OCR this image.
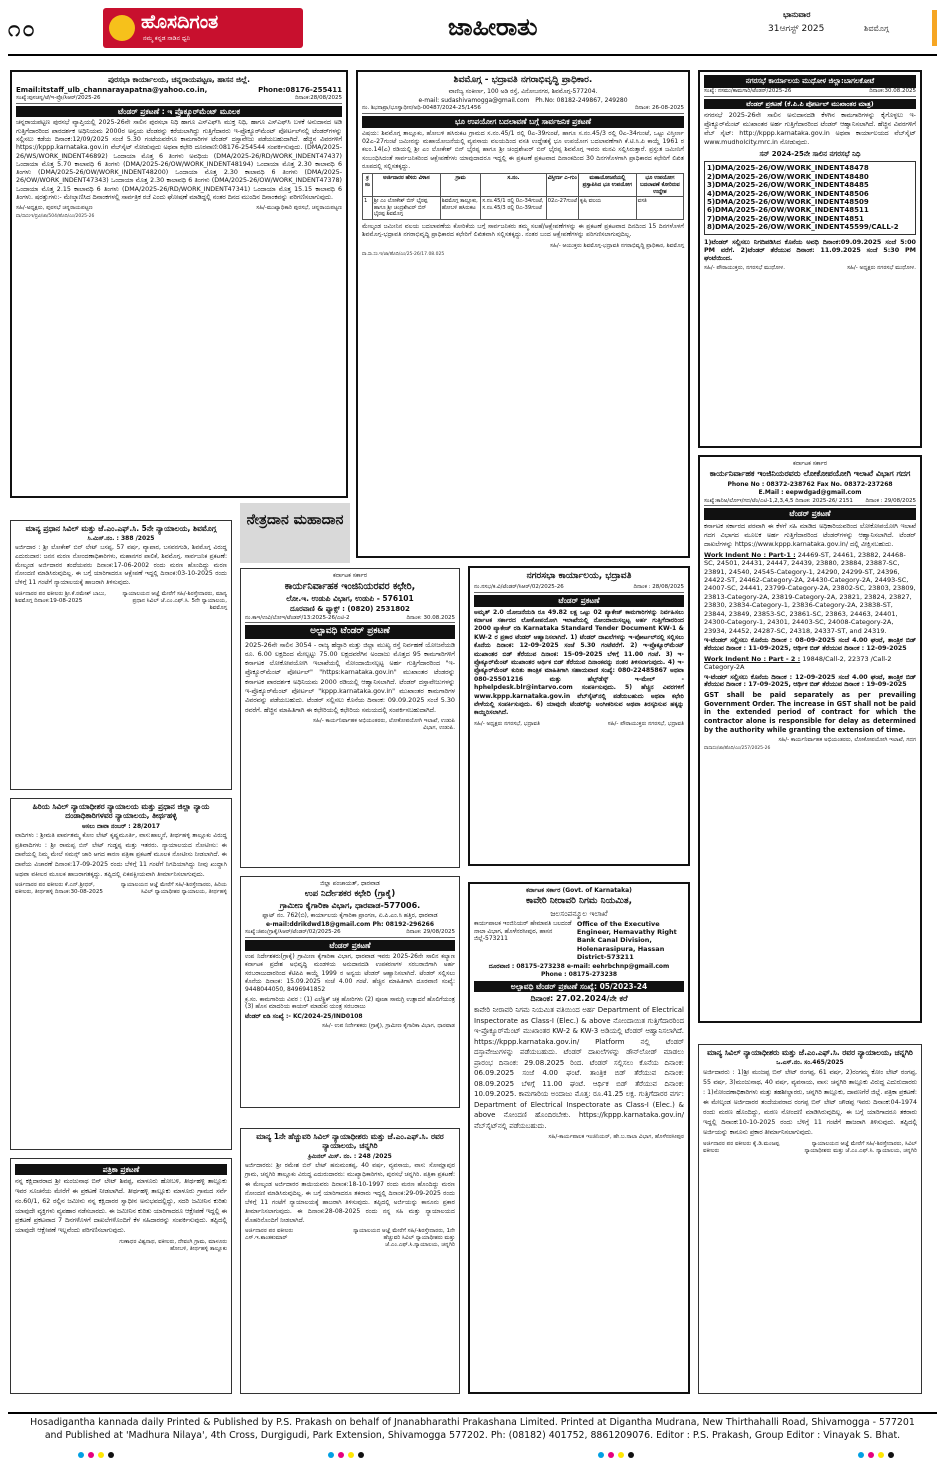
೧೦	ಹೊಸದಿಗಂತ
ನಮ್ಮ ಕನ್ನಡ ನಾಡಿನ ಧ್ವನಿ	ಜಾಹೀರಾತು	ಭಾನುವಾರ
31ಆಗಸ್ಟ್ 2025	ಶಿವಮೊಗ್ಗ
ಪುರಸಭಾ ಕಾರ್ಯಾಲಯ, ಚನ್ನರಾಯಪಟ್ಟಣ, ಹಾಸನ ಜಿಲ್ಲೆ.
Email:itstaff_ulb_channarayapatna@yahoo.co.in,	Phone:08176-255411
ಸಂಖ್ಯೆ:ಪುಸಚನ್ನ/ಟೆ/ಇ-ಪ್ರೊ/ಸಿಆರ್/2025-26	ದಿನಾಂಕ:28/08/2025
ಟೆಂಡರ್ ಪ್ರಕಟಣೆ : ಇ ಪ್ರೊಕ್ಯೂರ್‌ಮೆಂಟ್ ಮೂಲಕ

ಚನ್ನರಾಯಪಟ್ಟಣ ಪುರಸಭೆ ವ್ಯಾಪ್ತಿಯಲ್ಲಿ 2025-26ನೇ ಸಾಲಿನ ಪುರಸಭಾ ನಿಧಿ ಹಾಗೂ ಎಸ್‌ಎಫ್‌ಸಿ ಮುಕ್ತ ನಿಧಿ, ಹಾಗೂ ಎಸ್‌ಎಫ್‌ಸಿ ಬಳಕೆ ಅನುದಾನದ ಅಡಿ ಗುತ್ತಿಗೆದಾರರಿಂದ ಪಾರದರ್ಶಕ ಅಧಿನಿಯಮ 2000ರ ಅನ್ವಯ ಟೆಂಡರನ್ನು ಕರೆಯಲಾಗಿದ್ದು ಗುತ್ತಿಗೆದಾರರು ಇ-ಪ್ರೊಕ್ಯೂರ್‌ಮೆಂಟ್ ಪೋರ್ಟಲ್‌ನಲ್ಲಿ ಟೆಂಡರ್‌ಗಳನ್ನು ಸಲ್ಲಿಸಲು ಕಡೆಯ ದಿನಾಂಕ:12/09/2025 ಸಂಜೆ 5.30 ಗಂಟೆಯವರೆಗೂ ಕಾಮಗಾರಿಗಳ ಟೆಂಡರ್ ದಸ್ತಾವೇಜು ಪಡೆಯಬಹುದಾಗಿದೆ. ಹೆಚ್ಚಿನ ವಿವರಗಳಿಗೆ https://kppp.karnataka.gov.in ವೆಬ್‌ಸೈಟ್ ನೋಡುವುದು ಅಥವಾ ಕಛೇರಿ ದೂರವಾಣಿ:08176-254544 ಸಂಪರ್ಕಿಸುವುದು. (DMA/2025-26/WS/WORK_INDENT46892) ಒಂದಾಯಾ ಮೊತ್ತ 6 ತಿಂಗಳು ಅವಧಿಯ (DMA/2025-26/RD/WORK_INDENT47437) ಒಂದಾಯಾ ಮೊತ್ತ 5.70 ಕಾಲಾವಧಿ 6 ತಿಂಗಳು (DMA/2025-26/OW/WORK_INDENT48194) ಒಂದಾಯಾ ಮೊತ್ತ 2.30 ಕಾಲಾವಧಿ 6 ತಿಂಗಳು (DMA/2025-26/OW/WORK_INDENT48200) ಒಂದಾಯಾ ಮೊತ್ತ 2.30 ಕಾಲಾವಧಿ 6 ತಿಂಗಳು (DMA/2025-26/OW/WORK_INDENT47343) ಒಂದಾಯಾ ಮೊತ್ತ 2.30 ಕಾಲಾವಧಿ 6 ತಿಂಗಳು (DMA/2025-26/OW/WORK_INDENT47378) ಒಂದಾಯಾ ಮೊತ್ತ 2.15 ಕಾಲಾವಧಿ 6 ತಿಂಗಳು (DMA/2025-26/RD/WORK_INDENT47341) ಒಂದಾಯಾ ಮೊತ್ತ 15.15 ಕಾಲಾವಧಿ 6 ತಿಂಗಳು. ಷರತ್ತುಗಳು:- ಮೇಲ್ಕಾಣಿಸಿದ ದಿನಾಂಕಗಳಲ್ಲಿ ಸಾರ್ವತ್ರಿಕ ರಜೆ ಎಂದು ಘೋಷಣೆ ಮಾಡಿದ್ದಲ್ಲಿ ನಂತರ ದಿನದ ಮುಂದಿನ ದಿನಾಂಕವನ್ನು ಪರಿಗಣಿಸಲಾಗುವುದು.

ಸಹಿ/-ಅಧ್ಯಕ್ಷರು, ಪುರಸಭೆ ಚನ್ನರಾಯಪಟ್ಟಣ	ಸಹಿ/-ಮುಖ್ಯಾಧಿಕಾರಿ ಪುರಸಭೆ, ಚನ್ನರಾಯಪಟ್ಟಣ
ವಾ/ಸಾಸಂಇ/ಪ್ರವಿ/ಜಾ/504/ಹೊದಿ/ಎಂ/2025-26
ಶಿವಮೊಗ್ಗ - ಭದ್ರಾವತಿ ನಗರಾಭಿವೃದ್ಧಿ ಪ್ರಾಧಿಕಾರ.
ವಾಣಿಜ್ಯ ಸಂಕೀರ್ಣ, 100 ಅಡಿ ರಸ್ತೆ, ವಿನೋಬನಗರ, ಶಿವಮೊಗ್ಗ-577204.
e-mail: sudashivamogga@gmail.com Ph.No: 08182-249867, 249280
ನಂ. ಶಿಭನಾಪ್ರಾ/ಭೂಸ್ವಾಧೀನ/ಅಧಿ-00487/2024-25/1456	ದಿನಾಂಕ: 26-08-2025
ಭೂ ಉಪಯೋಗ ಬದಲಾವಣೆ ಬಗ್ಗೆ ಸಾರ್ವಜನಿಕ ಪ್ರಕಟಣೆ

ವಿಷಯ: ಶಿವಮೊಗ್ಗ ತಾಲ್ಲೂಕು, ಹೋಬಳಿ ಹಸಿರುಕಟ ಗ್ರಾಮದ ಸ.ನಂ.45/1 ರಲ್ಲಿ 0ಎ-39ಗುಂಟೆ, ಹಾಗೂ ಸ.ನಂ.45/3 ರಲ್ಲಿ 0ಎ-34ಗುಂಟೆ, ಒಟ್ಟು ವಿಸ್ತೀರ್ಣ 02ಎ-27ಗುಂಟೆ ಜಮೀನನ್ನು ಮಹಾಯೋಜನೆಯಲ್ಲಿ ವ್ಯವಸಾಯ ವಲಯದಿಂದ ವಸತಿ ಉದ್ದೇಶಕ್ಕೆ ಭೂ ಉಪಯೋಗ ಬದಲಾವಣೆಗಾಗಿ ಕೆ.ಟಿ.ಸಿ.ಪಿ ಕಾಯ್ದೆ 1961 ರ ಕಲಂ.14(ಎ) ರಡಿಯಲ್ಲಿ ಶ್ರೀ ಎಂ ಲೋಕೇಶ್ ಬಿನ್ ಭೈರಪ್ಪ ಹಾಗೂ ಶ್ರೀ ಚಂದ್ರಶೇಖರ್ ಬಿನ್ ಭೈರಪ್ಪ ಶಿವಮೊಗ್ಗ ಇವರು ಮನವಿ ಸಲ್ಲಿಸಿರುತ್ತಾರೆ. ಪ್ರಸ್ತುತ ಜಮೀನಿಗೆ ಸಂಬಂಧಿಸಿದಂತೆ ಸಾರ್ವಜನಿಕರಿಂದ ಆಕ್ಷೇಪಣೆಗಳು ಯಾವುದಾದರೂ ಇದ್ದಲ್ಲಿ ಈ ಪ್ರಕಟಣೆ ಪ್ರಕಟವಾದ ದಿನಾಂಕದಿಂದ 30 ದಿನಗಳೊಳಗಾಗಿ ಪ್ರಾಧಿಕಾರದ ಕಛೇರಿಗೆ ಲಿಖಿತ ರೂಪದಲ್ಲಿ ಸಲ್ಲಿಸತಕ್ಕದ್ದು.

ಕ್ರ ಸಂ	ಅರ್ಜಿದಾರರ ಹೆಸರು ವಿಳಾಸ	ಗ್ರಾಮ	ಸ.ನಂ.	ವಿಸ್ತೀರ್ಣ ಎ-ಗುಂ	ಮಹಾಯೋಜನೆಯಲ್ಲಿ ಪ್ರಸ್ತಾಪಿಸಿದ ಭೂ ಉಪಯೋಗ	ಭೂ ಉಪಯೋಗ ಬದಲಾವಣೆ ಕೋರಿರುವ ಉದ್ದೇಶ
1	ಶ್ರೀ ಎಂ ಲೋಕೇಶ್ ಬಿನ್ ಭೈರಪ್ಪ ಹಾಗೂ ಶ್ರೀ ಚಂದ್ರಶೇಖರ್ ಬಿನ್ ಭೈರಪ್ಪ ಶಿವಮೊಗ್ಗ	ಶಿವಮೊಗ್ಗ ತಾಲ್ಲೂಕು, ಹೋಬಳಿ ಹಸಿರುಕಟ	ಸ.ನಂ.45/1 ರಲ್ಲಿ 0ಎ-34ಗುಂಟೆ, ಸ.ನಂ.45/3 ರಲ್ಲಿ 0ಎ-39ಗುಂಟೆ	02ಎ-27ಗುಂಟೆ	ಕೃಷಿ ವಲಯ	ವಸತಿ

ಮೇಲ್ಕಂಡ ಜಮೀನಿನ ವಲಯ ಬದಲಾವಣೆಯ ಕೋರಿಕೆಯ ಬಗ್ಗೆ ಸಾರ್ವಜನಿಕರು ತಮ್ಮ ಸಲಹೆ/ಆಕ್ಷೇಪಣೆಗಳನ್ನು ಈ ಪ್ರಕಟಣೆ ಪ್ರಕಟವಾದ ದಿನದಿಂದ 15 ದಿನಗಳೊಳಗೆ ಶಿವಮೊಗ್ಗ-ಭದ್ರಾವತಿ ನಗರಾಭಿವೃದ್ಧಿ ಪ್ರಾಧಿಕಾರದ ಕಛೇರಿಗೆ ಲಿಖಿತವಾಗಿ ಸಲ್ಲಿಸತಕ್ಕದ್ದು. ನಂತರ ಬಂದ ಆಕ್ಷೇಪಣೆಗಳನ್ನು ಪರಿಗಣಿಸಲಾಗುವುದಿಲ್ಲ.

ಸಹಿ/- ಆಯುಕ್ತರು ಶಿವಮೊಗ್ಗ-ಭದ್ರಾವತಿ ನಗರಾಭಿವೃದ್ಧಿ ಪ್ರಾಧಿಕಾರ, ಶಿವಮೊಗ್ಗ
ವಾ.ಸಾ.ಸಂ.ಇ/ಜಾ/ಹೊದಿ/ಎಂ/25-26/17.08.025
ನಗರಸಭೆ ಕಾರ್ಯಾಲಯ ಮುಧೋಳ ಜಿಲ್ಲಾ:ಬಾಗಲಕೋಟೆ
ಸಂಖ್ಯೆ: ನಸಮು/ಕಾಮಗಾರಿ/ಟೆಂಡರ್/2025-26	ದಿನಾಂಕ:30.08.2025
ಟೆಂಡರ್ ಪ್ರಕಟಣೆ (ಕೆ.ಪಿ.ಪಿ ಪೋರ್ಟಲ್ ಮುಖಾಂತರ ಮಾತ್ರ)

ನಗರಸಭೆ 2025-26ನೇ ಸಾಲಿನ ಅನುದಾನದಡಿ ಕೆಳಗಿನ ಕಾಮಗಾರಿಗಳನ್ನು ಕೈಗೊಳ್ಳಲು ಇ-ಪ್ರೊಕ್ಯೂರ್‌ಮೆಂಟ್ ಮುಖಾಂತರ ಅರ್ಹ ಗುತ್ತಿಗೆದಾರರಿಂದ ಟೆಂಡರ್ ಆಹ್ವಾನಿಸಲಾಗಿದೆ. ಹೆಚ್ಚಿನ ವಿವರಗಳಿಗೆ ವೆಬ್ ಸೈಟ್: http://kppp.karnataka.gov.in ಅಥವಾ ಕಾರ್ಯಾಲಯದ ವೆಬ್‌ಸೈಟ್ www.mudholcity.mrc.in ನೋಡುವುದು.

ಸನ್ 2024-25ನೇ ಸಾಲಿನ ನಗರಸಭೆ ನಿಧಿ
1)DMA/2025-26/OW/WORK_INDENT48478
2)DMA/2025-26/OW/WORK_INDENT48480
3)DMA/2025-26/OW/WORK_INDENT48485
4)DMA/2025-26/OW/WORK_INDENT48506
5)DMA/2025-26/OW/WORK_INDENT48509
6)DMA/2025-26/OW/WORK_INDENT48511
7)DMA/2025-26/OW/WORK_INDENT4851
8)DMA/2025-26/OW/WORK_INDENT45599/CALL-2

1)ಟೆಂಡರ್ ಸಲ್ಲಿಸಲು ನಿಗದಿಪಡಿಸಿದ ಕೊನೆಯ ಅವಧಿ ದಿನಾಂಕ:09.09.2025 ಸಂಜೆ 5:00 PM ವರೆಗೆ. 2)ಟೆಂಡರ್ ತೆರೆಯುವ ದಿನಾಂಕ: 11.09.2025 ಸಂಜೆ 5:30 PM ಘಂಟೆಯಿಂದ.

ಸಹಿ/- ಪೌರಾಯುಕ್ತರು, ನಗರಸಭೆ ಮುಧೋಳ.	ಸಹಿ/- ಅಧ್ಯಕ್ಷರು ನಗರಸಭೆ ಮುಧೋಳ.
ಕರ್ನಾಟಕ ಸರ್ಕಾರ
ಕಾರ್ಯನಿರ್ವಾಹಕ ಇಂಜಿನಿಯರವರು ಲೋಕೋಪಯೋಗಿ ಇಲಾಖೆ ವಿಭಾಗ ಗದಗ
Phone No : 08372-238762 Fax No. 08372-237268
E.Mail : eepwdgad@gmail.com
ಸಂಖ್ಯೆ:ಕಾನಿಅ/ಲೋಇ/ಗದ/ಟೆಂ/ಎಟಿ-1,2,3,4,5 ದಿನಾಂಕ: 2025-26/ 2151 ದಿನಾಂಕ : 29/08/2025
ಟೆಂಡರ್ ಪ್ರಕಟಣೆ

ಕರ್ನಾಟಕ ಸರ್ಕಾರದ ಪರವಾಗಿ ಈ ಕೆಳಗೆ ಸಹಿ ಮಾಡಿದ ಅಧಿಕಾರಿಯವರಿಂದ ಲೋಕೋಪಯೋಗಿ ಇಲಾಖೆ ಗದಗ ವಿಭಾಗದ ಮೂಲಕ ಅರ್ಹ ಗುತ್ತಿಗೆದಾರರಿಂದ ಟೆಂಡರ್‌ಗಳನ್ನು ಆಹ್ವಾನಿಸಲಾಗಿದೆ. ಟೆಂಡರ್ ದಾಖಲೆಗಳನ್ನು https://www.kppp.karnataka.gov.in/ ದಲ್ಲಿ ವೀಕ್ಷಿಸಬಹುದು.

Work Indent No : Part-1 : 24469-ST, 24461, 23882, 24468-SC, 24501, 24431, 24447, 24439, 23880, 23884, 23887-SC, 23891, 24540, 24545-Category-1, 24290, 24299-ST, 24396, 24422-ST, 24462-Category-2A, 24430-Category-2A, 24493-SC, 24007-SC, 24441, 23799-Category-2A, 23802-SC, 23803, 23809, 23813-Category-2A, 23819-Category-2A, 23821, 23824, 23827, 23830, 23834-Category-1, 23836-Category-2A, 23838-ST, 23844, 23849, 23853-SC, 23861-SC, 23863, 24463, 24401, 24300-Category-1, 24301, 24403-SC, 24008-Category-2A, 23934, 24452, 24287-SC, 24318, 24337-ST, and 24319.

ಇ-ಟೆಂಡರ್ ಸಲ್ಲಿಸಲು ಕೊನೆಯ ದಿನಾಂಕ : 08-09-2025 ಸಂಜೆ 4.00 ಘಂಟೆ, ತಾಂತ್ರಿಕ ಬಿಡ್ ತೆರೆಯುವ ದಿನಾಂಕ : 11-09-2025, ಆರ್ಥಿಕ ಬಿಡ್ ತೆರೆಯುವ ದಿನಾಂಕ : 12-09-2025

Work Indent No : Part - 2 : 19848/Call-2, 22373 /Call-2 Category-2A

ಇ-ಟೆಂಡರ್ ಸಲ್ಲಿಸಲು ಕೊನೆಯ ದಿನಾಂಕ : 12-09-2025 ಸಂಜೆ 4.00 ಘಂಟೆ, ತಾಂತ್ರಿಕ ಬಿಡ್ ತೆರೆಯುವ ದಿನಾಂಕ : 17-09-2025, ಆರ್ಥಿಕ ಬಿಡ್ ತೆರೆಯುವ ದಿನಾಂಕ : 19-09-2025

GST shall be paid separately as per prevailing Government Order. The increase in GST shall not be paid in the extended period of contract for which the contractor alone is responsible for delay as determined by the authority while granting the extension of time.
ಸಹಿ/- ಕಾರ್ಯನಿರ್ವಾಹಕ ಅಭಿಯಂತರರು, ಲೋಕೋಪಯೋಗಿ ಇಲಾಖೆ, ಗದಗ
ವಾಸಾಸಂ/ಜಾ/ಹೊದಿ/ಎಂ/257/2025-26
ಮಾನ್ಯ ಪ್ರಧಾನ ಸಿವಿಲ್ ಮತ್ತು ಜೆ.ಎಂ.ಎಫ್.ಸಿ. 5ನೇ ನ್ಯಾಯಾಲಯ, ಶಿವಮೊಗ್ಗ
ಸಿ.ಮಿಸ್.ನಂ. : 388 /2025

ಅರ್ಜಿದಾರ : ಶ್ರೀ ಲೋಕೇಶ್ ಬಿನ್ ಲೇಟ್ ಬಸಪ್ಪ, 57 ವರ್ಷ, ವ್ಯಾಪಾರ, ಬಸವನಗುಡಿ, ಶಿವಮೊಗ್ಗ ವಿರುದ್ಧ ಎದುರುದಾರ: ಜನನ ಮರಣ ನೋಂದಣಾಧಿಕಾರಿಗಳು, ಮಹಾನಗರ ಪಾಲಿಕೆ, ಶಿವಮೊಗ್ಗ. ಸಾರ್ವಜನಿಕ ಪ್ರಕಟಣೆ: ಮೇಲ್ಕಂಡ ಅರ್ಜಿದಾರರ ತಂದೆಯವರು ದಿನಾಂಕ:17-06-2002 ರಂದು ಮರಣ ಹೊಂದಿದ್ದು ಮರಣ ನೋಂದಣಿ ಮಾಡಿಸಿರುವುದಿಲ್ಲ. ಈ ಬಗ್ಗೆ ಯಾರಿಗಾದರೂ ಆಕ್ಷೇಪಣೆ ಇದ್ದಲ್ಲಿ ದಿನಾಂಕ:03-10-2025 ರಂದು ಬೆಳಿಗ್ಗೆ 11 ಗಂಟೆಗೆ ನ್ಯಾಯಾಲಯಕ್ಕೆ ಹಾಜರಾಗಿ ತಿಳಿಸುವುದು.

ಅರ್ಜಿದಾರರ ಪರ ವಕೀಲರು ಶ್ರೀ.ಕೆ.ರಮೇಶ್ ಬಾಬು, ಶಿವಮೊಗ್ಗ ದಿನಾಂಕ:19-08-2025
ನ್ಯಾಯಾಲಯದ ಆಜ್ಞೆ ಮೇರೆಗೆ ಸಹಿ/-ಶಿರಸ್ತೇದಾರರು, ಮಾನ್ಯ ಪ್ರಧಾನ ಸಿವಿಲ್ ಜೆ.ಎಂ.ಎಫ್.ಸಿ. 5ನೇ ನ್ಯಾಯಾಲಯ, ಶಿವಮೊಗ್ಗ
ಹಿರಿಯ ಸಿವಿಲ್ ನ್ಯಾಯಾಧೀಶರ ನ್ಯಾಯಾಲಯ ಮತ್ತು ಪ್ರಧಾನ ಜಿಲ್ಲಾ ನ್ಯಾಯ ದಂಡಾಧಿಕಾರಿಗಳವರ ನ್ಯಾಯಾಲಯ, ತೀರ್ಥಹಳ್ಳಿ
ಅಸಲು ದಾವಾ ನಂಬರ್ : 28/2017

ವಾದಿಗಳು : ಶ್ರೀಮತಿ ಪಾರ್ವತಮ್ಮ ಕೋಂ ಲೇಟ್ ಕೃಷ್ಣಮೂರ್ತಿ, ವಾಸ:ಹಾಲ್ಮನೆ, ತೀರ್ಥಹಳ್ಳಿ ತಾಲ್ಲೂಕು ವಿರುದ್ಧ ಪ್ರತಿವಾದಿಗಳು : ಶ್ರೀ ರಾಮಪ್ಪ ಬಿನ್ ಲೇಟ್ ಗುಡ್ಡಪ್ಪ ಮತ್ತು ಇತರರು. ನ್ಯಾಯಾಲಯದ ನೋಟೀಸು: ಈ ದಾವೆಯಲ್ಲಿ ನಿಮ್ಮ ಮೇಲೆ ಸಮನ್ಸ್ ಜಾರಿ ಆಗದ ಕಾರಣ ಪತ್ರಿಕಾ ಪ್ರಕಟಣೆ ಮೂಲಕ ನೋಟೀಸು ನೀಡಲಾಗಿದೆ. ಈ ದಾವೆಯ ವಿಚಾರಣೆ ದಿನಾಂಕ:17-09-2025 ರಂದು ಬೆಳಿಗ್ಗೆ 11 ಗಂಟೆಗೆ ನಿಗದಿಯಾಗಿದ್ದು ನೀವು ಖುದ್ದಾಗಿ ಅಥವಾ ವಕೀಲರ ಮೂಲಕ ಹಾಜರಾಗತಕ್ಕದ್ದು. ತಪ್ಪಿದಲ್ಲಿ ಏಕಪಕ್ಷೀಯವಾಗಿ ತೀರ್ಮಾನಿಸಲಾಗುವುದು.

ಅರ್ಜಿದಾರರ ಪರ ವಕೀಲರು ಕೆ.ಎನ್.ಶ್ರೀಧರ್, ವಕೀಲರು, ತೀರ್ಥಹಳ್ಳಿ ದಿನಾಂಕ:30-08-2025
ನ್ಯಾಯಾಲಯದ ಆಜ್ಞೆ ಮೇರೆಗೆ ಸಹಿ/-ಶಿರಸ್ತೇದಾರರು, ಹಿರಿಯ ಸಿವಿಲ್ ನ್ಯಾಯಾಧೀಶರ ನ್ಯಾಯಾಲಯ, ತೀರ್ಥಹಳ್ಳಿ
ಪತ್ರಿಕಾ ಪ್ರಕಟಣೆ

ನನ್ನ ಕಕ್ಷಿದಾರರಾದ ಶ್ರೀ ಮಂಜುನಾಥ ಬಿನ್ ಲೇಟ್ ಶಿವಪ್ಪ, ಮಾಳೂರು ಹೋಬಳಿ, ತೀರ್ಥಹಳ್ಳಿ ತಾಲ್ಲೂಕು ಇವರ ಸೂಚನೆಯ ಮೇರೆಗೆ ಈ ಪ್ರಕಟಣೆ ನೀಡಲಾಗಿದೆ. ತೀರ್ಥಹಳ್ಳಿ ತಾಲ್ಲೂಕು ಮಾಳೂರು ಗ್ರಾಮದ ಸರ್ವೆ ನಂ.60/1, 62 ರಲ್ಲಿನ ಜಮೀನು ನನ್ನ ಕಕ್ಷಿದಾರರ ಸ್ವಾಧೀನ ಅನುಭವದಲ್ಲಿದ್ದು, ಸದರಿ ಜಮೀನಿನ ಕುರಿತು ಯಾವುದೇ ವ್ಯಕ್ತಿಗಳು ವ್ಯವಹಾರ ನಡೆಸಬಾರದು. ಈ ಜಮೀನಿನ ಕುರಿತು ಯಾರಿಗಾದರೂ ಆಕ್ಷೇಪಣೆ ಇದ್ದಲ್ಲಿ ಈ ಪ್ರಕಟಣೆ ಪ್ರಕಟವಾದ 7 ದಿನಗಳೊಳಗೆ ದಾಖಲೆಗಳೊಂದಿಗೆ ಕೆಳ ಸಹಿದಾರರನ್ನು ಸಂಪರ್ಕಿಸುವುದು. ತಪ್ಪಿದಲ್ಲಿ ಯಾವುದೇ ಆಕ್ಷೇಪಣೆ ಇಲ್ಲವೆಂದು ಪರಿಗಣಿಸಲಾಗುವುದು.

ಗುಣಾಧರ ವಿಶ್ವನಾಥ, ವಕೀಲರು, ದೇವಂಗಿ ಗ್ರಾಮ, ಮಾಳೂರು ಹೋಬಳಿ, ತೀರ್ಥಹಳ್ಳಿ ತಾಲ್ಲೂಕು
ನೇತ್ರದಾನ ಮಹಾದಾನ
ಕರ್ನಾಟಕ ಸರ್ಕಾರ
ಕಾರ್ಯನಿರ್ವಾಹಕ ಇಂಜಿನಿಯರವರ ಕಛೇರಿ,
ಲೋ.ಇ. ಉಡುಪಿ ವಿಭಾಗ, ಉಡುಪಿ - 576101
ದೂರವಾಣಿ & ಫ್ಯಾಕ್ಸ್ : (0820) 2531802
ನಂ.ಕಾಇ/ಉವಿ/ಲೋಇ/ಟೆಂಡರ್/13:2025-26/ಎಟಿ-2	ದಿನಾಂಕ: 30.08.2025
ಅಲ್ಪಾವಧಿ ಟೆಂಡರ್ ಪ್ರಕಟಣೆ

2025-26ನೇ ಸಾಲಿನ 3054 - ರಾಜ್ಯ ಹೆದ್ದಾರಿ ಮತ್ತು ಜಿಲ್ಲಾ ಮುಖ್ಯ ರಸ್ತೆ ನಿರ್ವಹಣೆ ಯೋಜನೆಯಡಿ ರೂ. 6.00 ಲಕ್ಷದಿಂದ ಮೇಲ್ಪಟ್ಟು 75.00 ಲಕ್ಷದವರೆಗಿನ ಅಂದಾಜು ಮೊತ್ತದ 95 ಕಾಮಗಾರಿಗಳಿಗೆ ಕರ್ನಾಟಕ ಲೋಕೋಪಯೋಗಿ ಇಲಾಖೆಯಲ್ಲಿ ನೋಂದಾಯಿಸಲ್ಪಟ್ಟ ಅರ್ಹ ಗುತ್ತಿಗೆದಾರರಿಂದ "ಇ-ಪ್ರೊಕ್ಯೂರ್‌ಮೆಂಟ್ ಪೋರ್ಟಲ್" "https:karnataka.gov.in" ಮುಖಾಂತರ ಟೆಂಡರನ್ನು ಕರ್ನಾಟಕ ಪಾರದರ್ಶಕ ಅಧಿನಿಯಮ 2000 ರಡಿಯಲ್ಲಿ ಆಹ್ವಾನಿಸಲಾಗಿದೆ. ಟೆಂಡರ್ ದಸ್ತಾವೇಜುಗಳನ್ನು ಇ-ಪ್ರೊಕ್ಯೂರ್‌ಮೆಂಟ್ ಪೋರ್ಟಲ್ "kppp.karnataka.gov.in" ಮುಖಾಂತರ ಕಾಮಗಾರಿಗಳ ವಿವರವನ್ನು ಪಡೆಯಬಹುದು. ಟೆಂಡರ್ ಸಲ್ಲಿಸಲು ಕೊನೆಯ ದಿನಾಂಕ: 09.09.2025 ಸಂಜೆ 5.30 ರವರೆಗೆ. ಹೆಚ್ಚಿನ ಮಾಹಿತಿಗಾಗಿ ಈ ಕಛೇರಿಯಲ್ಲಿ ಕಛೇರಿಯ ಸಮಯದಲ್ಲಿ ಸಂಪರ್ಕಿಸಬಹುದಾಗಿದೆ.

ಸಹಿ/- ಕಾರ್ಯನಿರ್ವಾಹಕ ಅಭಿಯಂತರರು, ಲೋಕೋಪಯೋಗಿ ಇಲಾಖೆ, ಉಡುಪಿ ವಿಭಾಗ, ಉಡುಪಿ.
ನಗರಸಭಾ ಕಾರ್ಯಾಲಯ, ಭದ್ರಾವತಿ
ನಂ.ನಸಭ/ಕ.ವಿ/ಟೆಂಡರ್/ಸಿಆರ್/02/2025-26	ದಿನಾಂಕ : 28/08/2025
ಟೆಂಡರ್ ಪ್ರಕಟಣೆ

ಅಮೃತ್ 2.0 ಯೋಜನೆಯಡಿ ರೂ 49.82 ಲಕ್ಷ ಒಟ್ಟು 02 ಪ್ಯಾಕೇಜ್ ಕಾಮಗಾರಿಗಳನ್ನು ನಿರ್ವಹಿಸಲು ಕರ್ನಾಟಕ ಸರ್ಕಾರದ ಲೋಕೋಪಯೋಗಿ ಇಲಾಖೆಯಲ್ಲಿ ನೋಂದಾಯಿಸಲ್ಪಟ್ಟ ಅರ್ಹ ಗುತ್ತಿಗೆದಾರರಿಂದ 2000 ಪ್ಯಾಕೇಜ್ ರಡಿ Karnataka Standard Tender Document KW-1 & KW-2 ರ ಪ್ರಕಾರ ಟೆಂಡರ್ ಆಹ್ವಾನಿಸಲಾಗಿದೆ. 1) ಟೆಂಡರ್ ದಾಖಲೆಗಳನ್ನು ಇ-ಪೋರ್ಟಲ್‌ನಲ್ಲಿ ಸಲ್ಲಿಸಲು ಕೊನೆಯ ದಿನಾಂಕ: 12-09-2025 ಸಂಜೆ 5.30 ಗಂಟೆವರೆಗೆ. 2) ಇ-ಪ್ರೊಕ್ಯೂರ್‌ಮೆಂಟ್ ಮುಖಾಂತರ ಬಿಡ್ ತೆರೆಯುವ ದಿನಾಂಕ: 15-09-2025 ಬೆಳಿಗ್ಗೆ 11.00 ಗಂಟೆ. 3) ಇ-ಪ್ರೊಕ್ಯೂರ್‌ಮೆಂಟ್ ಮುಖಾಂತರ ಆರ್ಥಿಕ ಬಿಡ್ ತೆರೆಯುವ ದಿನಾಂಕವನ್ನು ನಂತರ ತಿಳಿಸಲಾಗುವುದು. 4) ಇ-ಪ್ರೊಕ್ಯೂರ್‌ಮೆಂಟ್ ಕುರಿತು ತಾಂತ್ರಿಕ ಮಾಹಿತಿಗಾಗಿ ಸಹಾಯವಾಣಿ ಸಂಖ್ಯೆ: 080-22485867 ಅಥವಾ 080-25501216 ಮತ್ತು ಹೆಲ್ಪ್‌ಡೆಸ್ಕ್ ಇ-ಮೇಲ್ -hphelpdesk.blr@intarvo.com ಸಂಪರ್ಕಿಸುವುದು. 5) ಹೆಚ್ಚಿನ ವಿವರಗಳಿಗೆ www.kppp.karnataka.gov.in ವೆಬ್‌ಸೈಟ್‌ನಲ್ಲಿ ಪಡೆಯಬಹುದು ಅಥವಾ ಕಛೇರಿ ವೇಳೆಯಲ್ಲಿ ಸಂಪರ್ಕಿಸುವುದು. 6) ಯಾವುದೇ ಟೆಂಡರ್‌ನ್ನು ಅಂಗೀಕರಿಸುವ ಅಥವಾ ತಿರಸ್ಕರಿಸುವ ಹಕ್ಕನ್ನು ಕಾಯ್ದಿರಿಸಲಾಗಿದೆ.

ಸಹಿ/- ಅಧ್ಯಕ್ಷರು ನಗರಸಭೆ, ಭದ್ರಾವತಿ	ಸಹಿ/- ಪೌರಾಯುಕ್ತರು ನಗರಸಭೆ, ಭದ್ರಾವತಿ
ಜಿಲ್ಲಾ ಪಂಚಾಯತ್, ಧಾರವಾಡ
ಉಪ ನಿರ್ದೇಶಕರ ಕಛೇರಿ (ಗ್ರಾಕೈ)
ಗ್ರಾಮೀಣ ಕೈಗಾರಿಕಾ ವಿಭಾಗ, ಧಾರವಾಡ-577006.
ಪ್ಲಾಟ್ ನಂ. 762(ಬಿ), ಕಾರ್ಯಾಲಯ ಕೈಗಾರಿಕಾ ಪ್ರಾಂಗಣ, ಏ.ಪಿ.ಎಂ.ಸಿ ಹತ್ತಿರ, ಧಾರವಾಡ
e-mail:ddrikdwd18@gmail.com Ph: 08192-296266
ಸಂಖ್ಯೆ:ಜಿಪಂ/ಗ್ರಾಕೈ/ಸಿಆರ್/ಟೆಂಡರ್/02/2025-26	ದಿನಾಂಕ: 29/08/2025
ಟೆಂಡರ್ ಪ್ರಕಟಣೆ

ಉಪ ನಿರ್ದೇಶಕರು(ಗ್ರಾಕೈ) ಗ್ರಾಮೀಣ ಕೈಗಾರಿಕಾ ವಿಭಾಗ, ಧಾರವಾಡ ಇವರು 2025-26ನೇ ಸಾಲಿನ ಕಲ್ಯಾಣ ಕರ್ನಾಟಕ ಪ್ರದೇಶ ಅಭಿವೃದ್ಧಿ ಮಂಡಳಿಯ ಅನುದಾನದಡಿ ಉಪಕರಣಗಳ ಸರಬರಾಜಿಗಾಗಿ ಅರ್ಹ ಸರಬರಾಜುದಾರರಿಂದ ಕೆಟಿಪಿಪಿ ಕಾಯ್ದೆ 1999 ರ ಅನ್ವಯ ಟೆಂಡರ್ ಆಹ್ವಾನಿಸಲಾಗಿದೆ. ಟೆಂಡರ್ ಸಲ್ಲಿಸಲು ಕೊನೆಯ ದಿನಾಂಕ: 15.09.2025 ಸಂಜೆ 4.00 ಗಂಟೆ. ಹೆಚ್ಚಿನ ಮಾಹಿತಿಗಾಗಿ ದೂರವಾಣಿ ಸಂಖ್ಯೆ: 9448044050, 8496941852

ಕ್ರ.ಸಂ. ಕಾಮಗಾರಿಯ ವಿವರ : (1) ಎಲೆಕ್ಟ್ರಿಕ್ ಚಕ್ರ ಹೋರಿಗಳು (2) ಪೂಜಾ ಸಾಮಗ್ರಿ ಉತ್ಪಾದನೆ ಹೊಲಿಗೆಯಂತ್ರ (3) ಹೊಸ ಮಾದರಿಯ ಕಾಯರ್ ಮಾಡುವ ಯಂತ್ರ ಸರಬರಾಜು

ಟೆಂಡರ್ ಐಡಿ ಸಂಖ್ಯೆ :- KC/2024-25/IND0108

ಸಹಿ/- ಉಪ ನಿರ್ದೇಶಕರು (ಗ್ರಾಕೈ), ಗ್ರಾಮೀಣ ಕೈಗಾರಿಕಾ ವಿಭಾಗ, ಧಾರವಾಡ
ಕರ್ನಾಟಕ ಸರ್ಕಾರ (Govt. of Karnataka)
ಕಾವೇರಿ ನೀರಾವರಿ ನಿಗಮ ನಿಯಮಿತ,
ಜಲಸಂಪನ್ಮೂಲ ಇಲಾಖೆ
ಕಾರ್ಯಪಾಲಕ ಇಂಜಿನಿಯರ್ ಹೇಮಾವತಿ ಬಲದಂಡೆ ನಾಲಾ ವಿಭಾಗ, ಹೊಳೆನರಸೀಪುರ, ಹಾಸನ ಜಿಲ್ಲೆ-573211
Office of the Executive Engineer, Hemavathy Right Bank Canal Division, Holenarasipura, Hassan District-573211
ದೂರವಾಣಿ : 08175-273238 e-mail: eehrbchnp@gmail.com
Phone : 08175-273238
ಅಲ್ಪಾವಧಿ ಟೆಂಡರ್ ಪ್ರಕಟಣೆ ಸಂಖ್ಯೆ: 05/2023-24
ದಿನಾಂಕ: 27.02.2024/ನೇ ಕರೆ

ಕಾವೇರಿ ನೀರಾವರಿ ನಿಗಮ ನಿಯಮಿತ ವತಿಯಿಂದ ಅರ್ಹ Department of Electrical Inspectorate as Class-I (Elec.) & above ನೋಂದಾಯಿತ ಗುತ್ತಿಗೆದಾರರಿಂದ ಇ-ಪ್ರೊಕ್ಯೂರ್‌ಮೆಂಟ್ ಮುಖಾಂತರ KW-2 & KW-3 ಅಡಿಯಲ್ಲಿ ಟೆಂಡರ್ ಆಹ್ವಾನಿಸಲಾಗಿದೆ. https://kppp.karnataka.gov.in/ Platform ನಲ್ಲಿ ಟೆಂಡರ್ ದಸ್ತಾವೇಜುಗಳನ್ನು ಪಡೆಯಬಹುದು. ಟೆಂಡರ್ ದಾಖಲೆಗಳನ್ನು ಡೌನ್‌ಲೋಡ್ ಮಾಡಲು ಪ್ರಾರಂಭ ದಿನಾಂಕ: 29.08.2025 ರಿಂದ. ಟೆಂಡರ್ ಸಲ್ಲಿಸಲು ಕೊನೆಯ ದಿನಾಂಕ: 06.09.2025 ಸಂಜೆ 4.00 ಘಂಟೆ. ತಾಂತ್ರಿಕ ಬಿಡ್ ತೆರೆಯುವ ದಿನಾಂಕ: 08.09.2025 ಬೆಳಿಗ್ಗೆ 11.00 ಘಂಟೆ. ಆರ್ಥಿಕ ಬಿಡ್ ತೆರೆಯುವ ದಿನಾಂಕ: 10.09.2025. ಕಾಮಗಾರಿಯ ಅಂದಾಜು ಮೊತ್ತ: ರೂ.41.25 ಲಕ್ಷ. ಗುತ್ತಿಗೆದಾರರ ವರ್ಗ: Department of Electrical Inspectorate as Class-I (Elec.) & above ನೋಂದಣಿ ಹೊಂದಿರಬೇಕು. https://kppp.karnataka.gov.in/ ವೆಬ್‌ಸೈಟ್‌ನಲ್ಲಿ ಪಡೆಯಬಹುದು.

ಸಹಿ/-ಕಾರ್ಯಪಾಲಕ ಇಂಜಿನಿಯರ್, ಹೇ.ಬ.ನಾಲಾ ವಿಭಾಗ, ಹೊಳೆನರಸೀಪುರ
ಮಾನ್ಯ 1ನೇ ಹೆಚ್ಚುವರಿ ಸಿವಿಲ್ ನ್ಯಾಯಾಧೀಶರು ಮತ್ತು ಜೆ.ಎಂ.ಎಫ್.ಸಿ. ರವರ ನ್ಯಾಯಾಲಯ, ಚನ್ನಗಿರಿ
ಕ್ರಿಮಿನಲ್ ಮಿಸ್. ನಂ. : 248 /2025

ಅರ್ಜಿದಾರರು: ಶ್ರೀ ರಮೇಶ ಬಿನ್ ಲೇಟ್ ಹನುಮಂತಪ್ಪ, 40 ವರ್ಷ, ವ್ಯವಸಾಯ, ವಾಸ: ಸೋಮ್ಲಾಪುರ ಗ್ರಾಮ, ಚನ್ನಗಿರಿ ತಾಲ್ಲೂಕು ವಿರುದ್ಧ ಎದುರುದಾರರು: ಮುಖ್ಯಾಧಿಕಾರಿಗಳು, ಪುರಸಭೆ ಚನ್ನಗಿರಿ. ಪತ್ರಿಕಾ ಪ್ರಕಟಣೆ: ಈ ಮೇಲ್ಕಂಡ ಅರ್ಜಿದಾರರ ತಾಯಿಯವರು ದಿನಾಂಕ:18-10-1997 ರಂದು ಮರಣ ಹೊಂದಿದ್ದು ಮರಣ ನೋಂದಣಿ ಮಾಡಿಸಿರುವುದಿಲ್ಲ. ಈ ಬಗ್ಗೆ ಯಾರಿಗಾದರೂ ತಕರಾರು ಇದ್ದಲ್ಲಿ ದಿನಾಂಕ:29-09-2025 ರಂದು ಬೆಳಿಗ್ಗೆ 11 ಗಂಟೆಗೆ ನ್ಯಾಯಾಲಯಕ್ಕೆ ಹಾಜರಾಗಿ ತಿಳಿಸುವುದು. ತಪ್ಪಿದಲ್ಲಿ ಅರ್ಜಿಯನ್ನು ಕಾನೂನು ಪ್ರಕಾರ ತೀರ್ಮಾನಿಸಲಾಗುವುದು. ಈ ದಿನಾಂಕ:28-08-2025 ರಂದು ನನ್ನ ಸಹಿ ಮತ್ತು ನ್ಯಾಯಾಲಯದ ಮೊಹರಿನೊಂದಿಗೆ ನೀಡಲಾಗಿದೆ.

ಅರ್ಜಿದಾರರ ಪರ ವಕೀಲರು ಎಸ್.ಇ.ಶಾಂತಕುಮಾರ್
ನ್ಯಾಯಾಲಯದ ಆಜ್ಞೆ ಮೇರೆಗೆ ಸಹಿ/-ಶಿರಸ್ತೇದಾರರು, 1ನೇ ಹೆಚ್ಚುವರಿ ಸಿವಿಲ್ ನ್ಯಾಯಾಧೀಶರು ಮತ್ತು ಜೆ.ಎಂ.ಎಫ್.ಸಿ.ನ್ಯಾಯಾಲಯ, ಚನ್ನಗಿರಿ
ಮಾನ್ಯ ಸಿವಿಲ್ ನ್ಯಾಯಾಧೀಶರು ಮತ್ತು ಜೆ.ಎಂ.ಎಫ್.ಸಿ. ರವರ ನ್ಯಾಯಾಲಯ, ಚನ್ನಗಿರಿ
ಒ.ಎಸ್.ನಂ. ಸಂ.465/2025

ಅರ್ಜಿದಾರರು : 1)ಶ್ರೀ ಮಂಜಪ್ಪ ಬಿನ್ ಲೇಟ್ ರಂಗಪ್ಪ, 61 ವರ್ಷ, 2)ರಂಗಮ್ಮ ಕೋಂ ಲೇಟ್ ರಂಗಪ್ಪ, 55 ವರ್ಷ, 3)ಮಂಜುನಾಥ, 40 ವರ್ಷ, ವ್ಯವಸಾಯ, ವಾಸ: ಚನ್ನಗಿರಿ ತಾಲ್ಲೂಕು ವಿರುದ್ಧ ಎದುರುದಾರರು : 1)ನೋಂದಣಾಧಿಕಾರಿಗಳು ಮತ್ತು ತಹಶೀಲ್ದಾರರು, ಚನ್ನಗಿರಿ ತಾಲ್ಲೂಕು, ದಾವಣಗೆರೆ ಜಿಲ್ಲೆ. ಪತ್ರಿಕಾ ಪ್ರಕಟಣೆ: ಈ ಮೇಲ್ಕಂಡ ಅರ್ಜಿದಾರರ ತಂದೆಯವರಾದ ರಂಗಪ್ಪ ಬಿನ್ ಲೇಟ್ ಚೌಡಪ್ಪ ಇವರು ದಿನಾಂಕ:04-1974 ರಂದು ಮರಣ ಹೊಂದಿದ್ದು, ಮರಣ ನೋಂದಣಿ ಮಾಡಿಸಿರುವುದಿಲ್ಲ. ಈ ಬಗ್ಗೆ ಯಾರಿಗಾದರೂ ತಕರಾರು ಇದ್ದಲ್ಲಿ ದಿನಾಂಕ:10-10-2025 ರಂದು ಬೆಳಿಗ್ಗೆ 11 ಗಂಟೆಗೆ ಹಾಜರಾಗಿ ತಿಳಿಸುವುದು. ತಪ್ಪಿದಲ್ಲಿ ಅರ್ಜಿಯನ್ನು ಕಾನೂನು ಪ್ರಕಾರ ತೀರ್ಮಾನಿಸಲಾಗುವುದು.

ಅರ್ಜಿದಾರರ ಪರ ವಕೀಲರು ಕೈ.ಡಿ.ಮಂಜಪ್ಪ ವಕೀಲರು
ನ್ಯಾಯಾಲಯದ ಆಜ್ಞೆ ಮೇರೆಗೆ ಸಹಿ/-ಶಿರಸ್ತೇದಾರರು, ಸಿವಿಲ್ ನ್ಯಾಯಾಧೀಶರು ಮತ್ತು ಜೆ.ಎಂ.ಎಫ್.ಸಿ. ನ್ಯಾಯಾಲಯ, ಚನ್ನಗಿರಿ
Hosadigantha kannada daily Printed & Published by P.S. Prakash on behalf of Jnanabharathi Prakashana Limited. Printed at Digantha Mudrana, New Thirthahalli Road, Shivamogga - 577201
and Published at 'Madhura Nilaya', 4th Cross, Durgigudi, Park Extension, Shivamogga 577202. Ph: (08182) 401752, 8861209076. Editor : P.S. Prakash, Group Editor : Vinayak S. Bhat.
